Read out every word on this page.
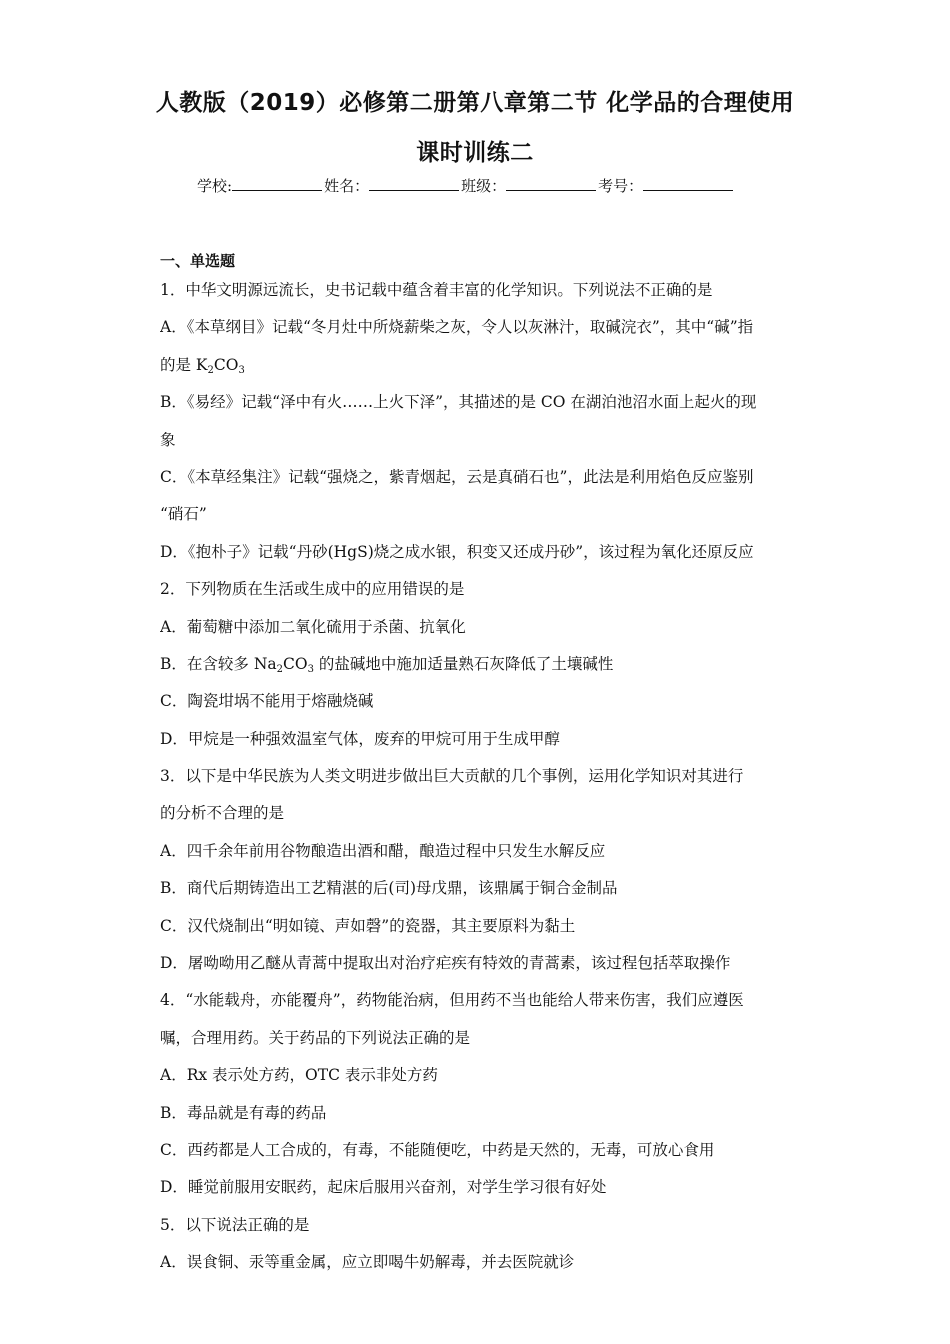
人教版（2019）必修第二册第八章第二节 化学品的合理使用
课时训练二
学校:	姓名：	班级：	考号：
一、单选题
1．中华文明源远流长，史书记载中蕴含着丰富的化学知识。下列说法不正确的是
A．《本草纲目》记载“冬月灶中所烧薪柴之灰，令人以灰淋汁，取碱浣衣”，其中“碱”指
的是 $K_2CO_3$
B．《易经》记载“泽中有火……上火下泽”，其描述的是 CO 在湖泊池沼水面上起火的现
象
C．《本草经集注》记载“强烧之，紫青烟起，云是真硝石也”，此法是利用焰色反应鉴别
“硝石”
D．《抱朴子》记载“丹砂(HgS)烧之成水银，积变又还成丹砂”，该过程为氧化还原反应
2．下列物质在生活或生成中的应用错误的是
A．葡萄糖中添加二氧化硫用于杀菌、抗氧化
B．在含较多 $Na_2CO_3$ 的盐碱地中施加适量熟石灰降低了土壤碱性
C．陶瓷坩埚不能用于熔融烧碱
D．甲烷是一种强效温室气体，废弃的甲烷可用于生成甲醇
3．以下是中华民族为人类文明进步做出巨大贡献的几个事例，运用化学知识对其进行
的分析不合理的是
A．四千余年前用谷物酿造出酒和醋，酿造过程中只发生水解反应
B．商代后期铸造出工艺精湛的后(司)母戊鼎，该鼎属于铜合金制品
C．汉代烧制出“明如镜、声如磬”的瓷器，其主要原料为黏土
D．屠呦呦用乙醚从青蒿中提取出对治疗疟疾有特效的青蒿素，该过程包括萃取操作
4．“水能载舟，亦能覆舟”，药物能治病，但用药不当也能给人带来伤害，我们应遵医
嘱，合理用药。关于药品的下列说法正确的是
A．Rx 表示处方药，OTC 表示非处方药
B．毒品就是有毒的药品
C．西药都是人工合成的，有毒，不能随便吃，中药是天然的，无毒，可放心食用
D．睡觉前服用安眠药，起床后服用兴奋剂，对学生学习很有好处
5．以下说法正确的是
A．误食铜、汞等重金属，应立即喝牛奶解毒，并去医院就诊
